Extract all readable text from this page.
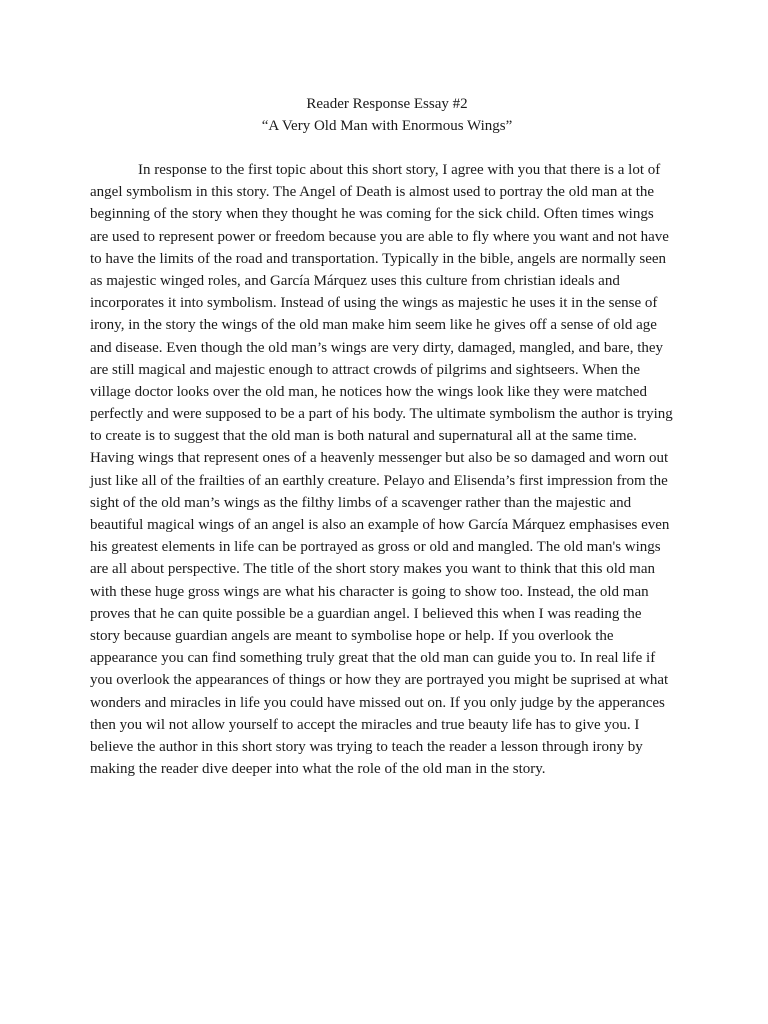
Reader Response Essay #2

“A Very Old Man with Enormous Wings”

In response to the first topic about this short story, I agree with you that there is a lot of

angel symbolism in this story. The Angel of Death is almost used to portray the old man at the

beginning of the story when they thought he was coming for the sick child. Often times wings

are used to represent power or freedom because you are able to fly where you want and not have

to have the limits of the road and transportation. Typically in the bible, angels are normally seen

as majestic winged roles, and García Márquez uses this culture from christian ideals and

incorporates it into symbolism. Instead of using the wings as majestic he uses it in the sense of

irony, in the story the wings of the old man make him seem like he gives off a sense of old age

and disease. Even though the old man’s wings are very dirty, damaged, mangled, and bare, they

are still magical and majestic enough to attract crowds of pilgrims and sightseers. When the

village doctor looks over the old man, he notices how the wings look like they were matched

perfectly and were supposed to be a part of his body. The ultimate symbolism the author is trying

to create is to suggest that the old man is both natural and supernatural all at the same time.

Having wings that represent ones of a heavenly messenger but also be so damaged and worn out

just like all of the frailties of an earthly creature. Pelayo and Elisenda’s first impression from the

sight of the old man’s wings as the filthy limbs of a scavenger rather than the majestic and

beautiful magical wings of an angel is also an example of how García Márquez emphasises even

his greatest elements in life can be portrayed as gross or old and mangled. The old man's wings

are all about perspective. The title of the short story makes you want to think that this old man

with these huge gross wings are what his character is going to show too. Instead, the old man

proves that he can quite possible be a guardian angel. I believed this when I was reading the

story because guardian angels are meant to symbolise hope or help. If you overlook the

appearance you can find something truly great that the old man can guide you to. In real life if

you overlook the appearances of things or how they are portrayed you might be suprised at what

wonders and miracles in life you could have missed out on. If you only judge by the apperances

then you wil not allow yourself to accept the miracles and true beauty life has to give you. I

believe the author in this short story was trying to teach the reader a lesson through irony by

making the reader dive deeper into what the role of the old man in the story.
